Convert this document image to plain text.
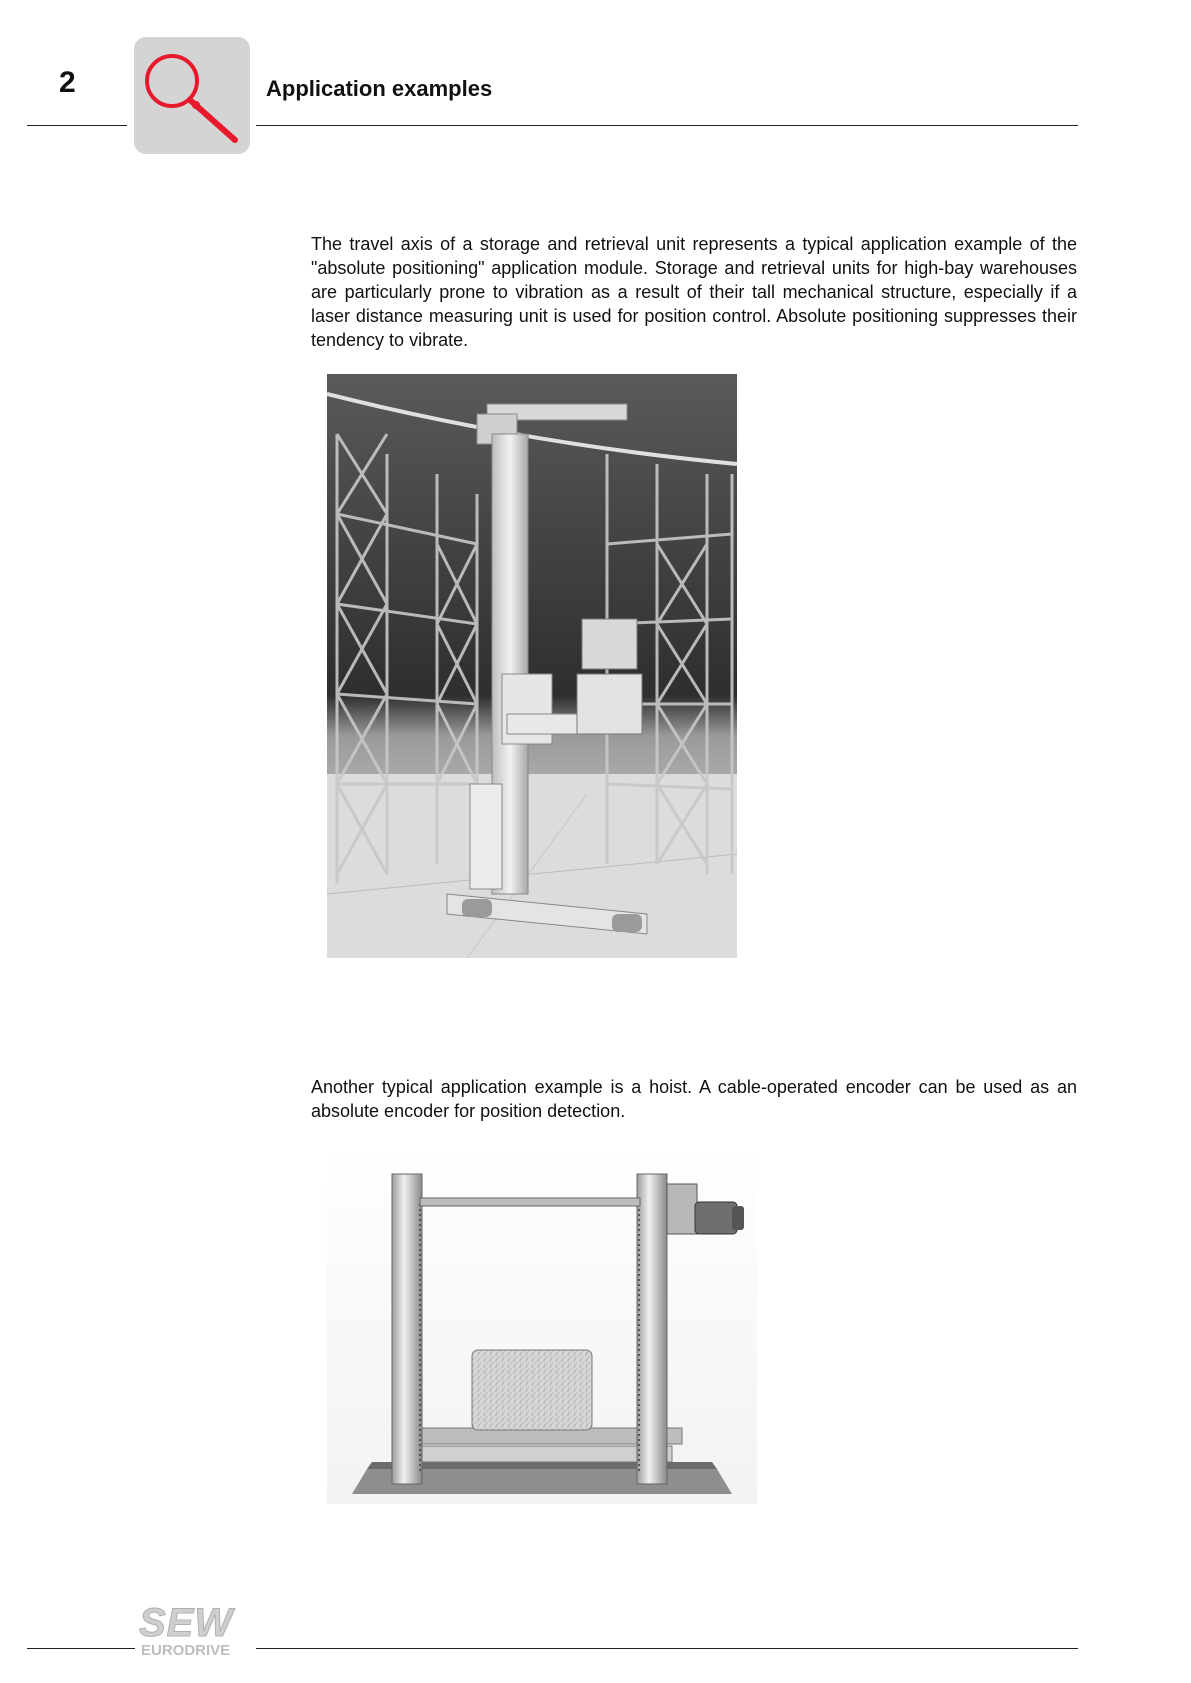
2	Application examples

The travel axis of a storage and retrieval unit represents a typical application example of the "absolute positioning" application module. Storage and retrieval units for high-bay warehouses are particularly prone to vibration as a result of their tall mechanical structure, especially if a laser distance measuring unit is used for position control. Absolute positioning suppresses their tendency to vibrate.

Another typical application example is a hoist. A cable-operated encoder can be used as an absolute encoder for position detection.

SEW
EURODRIVE
